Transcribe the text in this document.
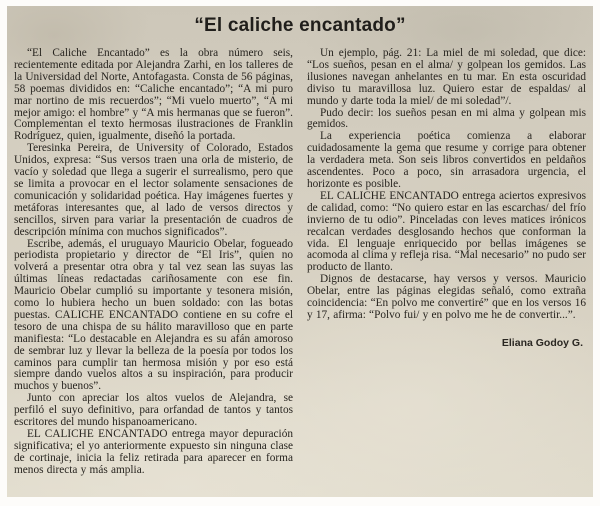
“El caliche encantado”

“El Caliche Encantado” es la obra número seis, recientemente editada por Alejandra Zarhi, en los talleres de la Universidad del Norte, Antofagasta. Consta de 56 páginas, 58 poemas divididos en: “Caliche encantado”; “A mi puro mar nortino de mis recuerdos”; “Mi vuelo muerto”, “A mi mejor amigo: el hombre” y “A mis hermanas que se fueron”. Complementan el texto hermosas ilustraciones de Franklin Rodríguez, quien, igualmente, diseñó la portada.

Teresinka Pereira, de University of Colorado, Estados Unidos, expresa: “Sus versos traen una orla de misterio, de vacío y soledad que llega a sugerir el surrealismo, pero que se limita a provocar en el lector solamente sensaciones de comunicación y solidaridad poética. Hay imágenes fuertes y metáforas interesantes que, al lado de versos directos y sencillos, sirven para variar la presentación de cuadros de descripción mínima con muchos significados”.

Escribe, además, el uruguayo Mauricio Obelar, fogueado periodista propietario y director de “El Iris”, quien no volverá a presentar otra obra y tal vez sean las suyas las últimas líneas redactadas cariñosamente con ese fin. Mauricio Obelar cumplió su importante y tesonera misión, como lo hubiera hecho un buen soldado: con las botas puestas. CALICHE ENCANTADO contiene en su cofre el tesoro de una chispa de su hálito maravilloso que en parte manifiesta: “Lo destacable en Alejandra es su afán amoroso de sembrar luz y llevar la belleza de la poesía por todos los caminos para cumplir tan hermosa misión y por eso está siempre dando vuelos altos a su inspiración, para producir muchos y buenos”.

Junto con apreciar los altos vuelos de Alejandra, se perfiló el suyo definitivo, para orfandad de tantos y tantos escritores del mundo hispanoamericano.

EL CALICHE ENCANTADO entrega mayor depuración significativa; el yo anteriormente expuesto sin ninguna clase de cortinaje, inicia la feliz retirada para aparecer en forma menos directa y más amplia.

Un ejemplo, pág. 21: La miel de mi soledad, que dice: “Los sueños, pesan en el alma/ y golpean los gemidos. Las ilusiones navegan anhelantes en tu mar. En esta oscuridad diviso tu maravillosa luz. Quiero estar de espaldas/ al mundo y darte toda la miel/ de mi soledad”/.

Pudo decir: los sueños pesan en mi alma y golpean mis gemidos.

La experiencia poética comienza a elaborar cuidadosamente la gema que resume y corrige para obtener la verdadera meta. Son seis libros convertidos en peldaños ascendentes. Poco a poco, sin arrasadora urgencia, el horizonte es posible.

EL CALICHE ENCANTADO entrega aciertos expresivos de calidad, como: “No quiero estar en las escarchas/ del frío invierno de tu odio”. Pinceladas con leves matices irónicos recalcan verdades desglosando hechos que conforman la vida. El lenguaje enriquecido por bellas imágenes se acomoda al clima y refleja risa. “Mal necesario” no pudo ser producto de llanto.

Dignos de destacarse, hay versos y versos. Mauricio Obelar, entre las páginas elegidas señaló, como extraña coincidencia: “En polvo me convertiré” que en los versos 16 y 17, afirma: “Polvo fui/ y en polvo me he de convertir...”.

Eliana Godoy G.
